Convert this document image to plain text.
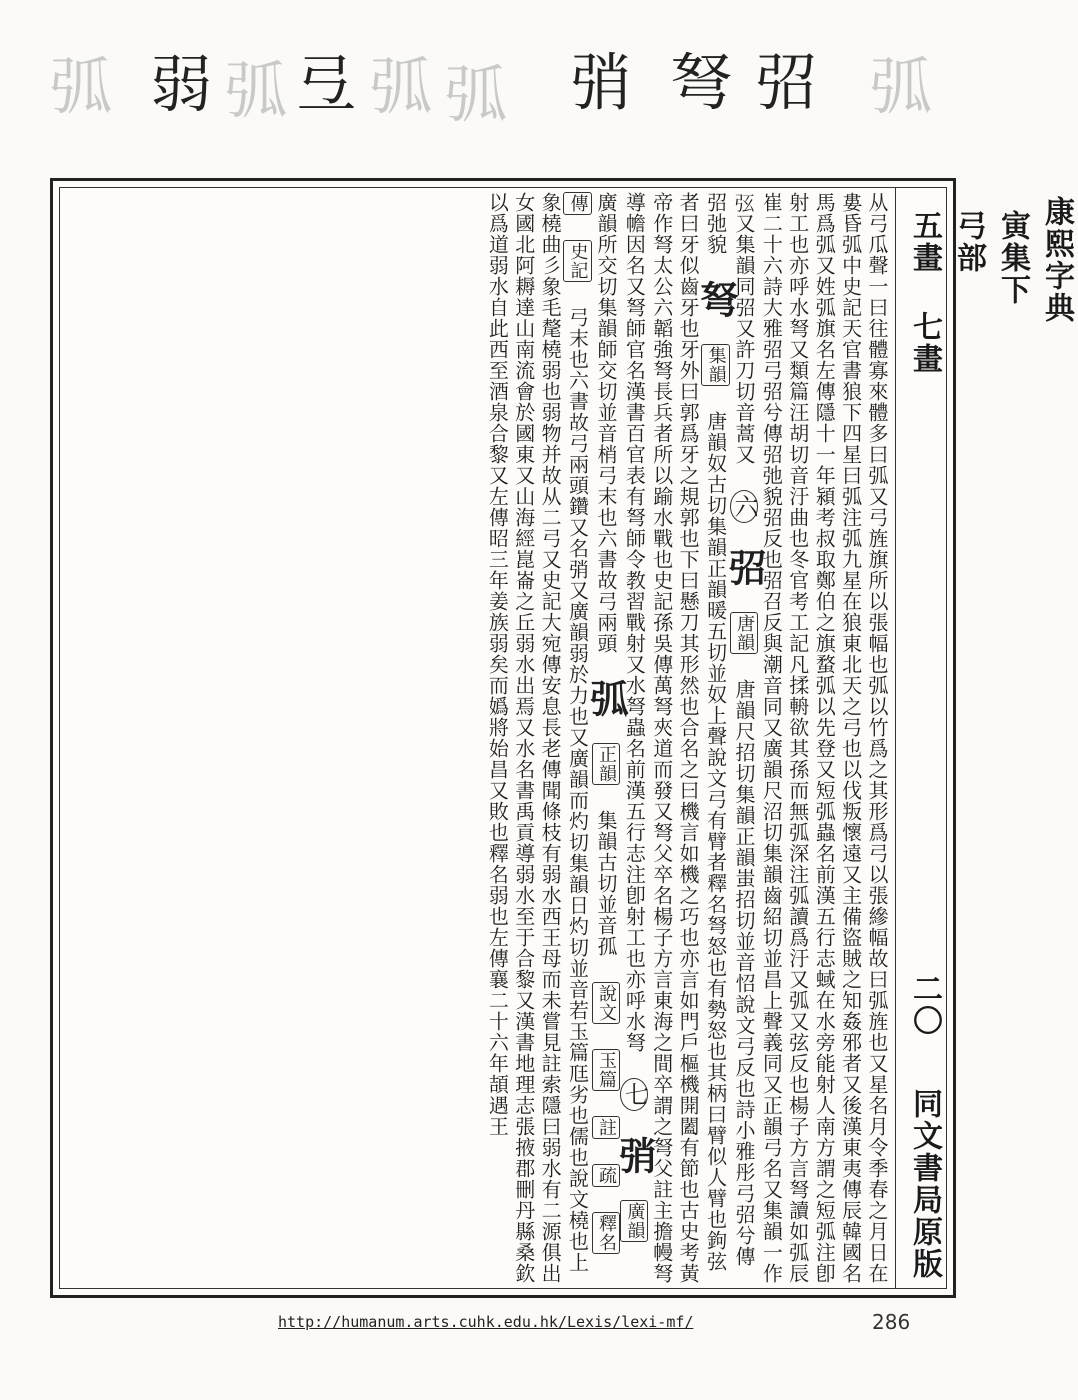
弧 弱 弧 弖 弧 弧 弰 弩 弨 弧
康熙字典
寅集下
弓部
五畫 七畫
二〇 同文書局原版
从弓瓜聲一曰往體寡來體多曰弧又弓旌旗所以張幅也弧以竹爲之其形爲弓以張縿幅故曰弧旌也又星名月令季春之月日在婁昏弧中史記天官書狼下四星曰弧注弧九星在狼東北天之弓也以伐叛懷遠又主備盜賊之知姦邪者又後漢東夷傳辰韓國名馬爲弧又姓弧旗名左傳隱十一年潁考叔取鄭伯之旗蝥弧以先登又短弧蟲名前漢五行志蜮在水旁能射人南方謂之短弧注卽射工也亦呼水弩又類篇汪胡切音汙曲也冬官考工記凡揉輈欲其孫而無弧深注弧讀爲汙又弧又弦反也楊子方言弩讀如弧辰崔二十六詩大雅弨弓弨兮傳弨弛貌弨反也弨召反與潮音同又廣韻尺沼切集韻齒紹切並昌上聲義同又正韻弓名又集韻一作𢏁又集韻同弨又許刀切音蒿又 六 弨 唐韻 唐韻尺招切集韻正韻蚩招切並音怊說文弓反也詩小雅彤弓弨兮傳弨弛貌 弩 集韻 唐韻奴古切集韻正韻暖五切並奴上聲說文弓有臂者釋名弩怒也有勢怒也其柄曰臂似人臂也鉤弦者曰牙似齒牙也牙外曰郭爲牙之規郭也下曰懸刀其形然也合名之曰機言如機之巧也亦言如門戶樞機開闔有節也古史考黃帝作弩太公六韜強弩長兵者所以踰水戰也史記孫吳傳萬弩夾道而發又弩父卒名楊子方言東海之間卒謂之弩父註主擔幔弩導幨因名又弩師官名漢書百官表有弩師令教習戰射又水弩蟲名前漢五行志注卽射工也亦呼水弩 七 弰 廣韻 廣韻所交切集韻師交切並音梢弓末也六書故弓兩頭 弧 正韻 集韻古切並音孤 說文 玉篇 註 疏 釋名 傳 史記 弓末也六書故弓兩頭鑽又名弰又廣韻弱於力也又廣韻而灼切集韻日灼切並音若玉篇尫劣也儒也說文橈也上象橈曲彡象毛氂橈弱也弱物并故从二弓又史記大宛傳安息長老傳聞條枝有弱水西王母而未嘗見註索隱曰弱水有二源俱出女國北阿耨達山南流會於國東又山海經崑崙之丘弱水出焉又水名書禹貢導弱水至于合黎又漢書地理志張掖郡刪丹縣桑欽以爲道弱水自此西至酒泉合黎又左傳昭三年姜族弱矣而嬀將始昌又敗也釋名弱也左傳襄二十六年頡遇王
http://humanum.arts.cuhk.edu.hk/Lexis/lexi-mf/	286
